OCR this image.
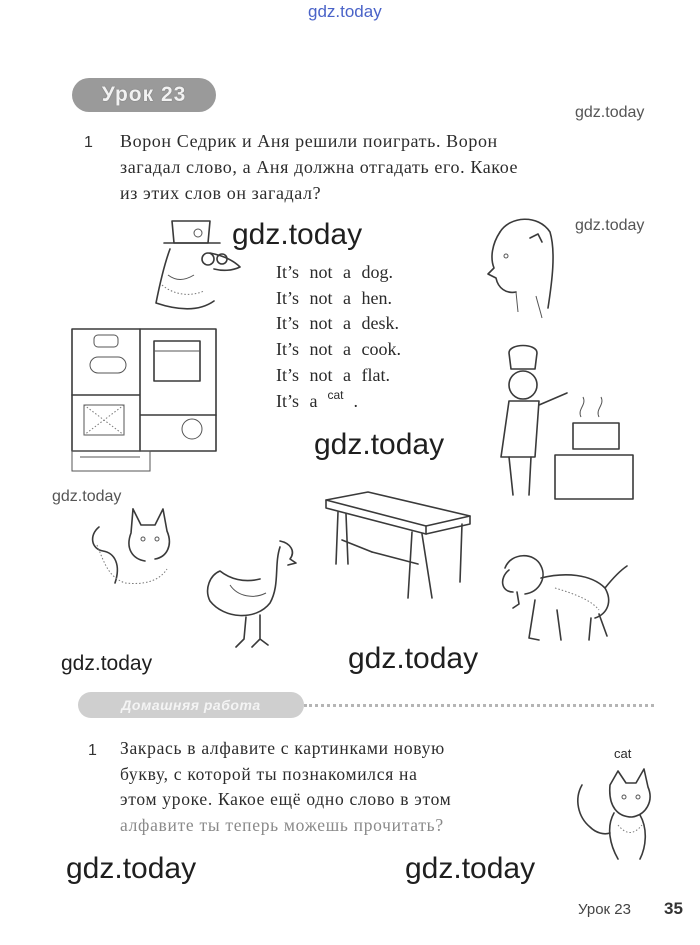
gdz.today
gdz.today
gdz.today
gdz.today
gdz.today
gdz.today
gdz.today	gdz.today
gdz.today	gdz.today
Урок 23
1 Ворон Седрик и Аня решили поиграть. Ворон
загадал слово, а Аня должна отгадать его. Какое
из этих слов он загадал?
It’s not a dog.
It’s not a hen.
It’s not a desk.
It’s not a cook.
It’s not a flat.
It’s a $^{cat}$ .
Домашняя работа
1 Закрась в алфавите с картинками новую
букву, с которой ты познакомился на
этом уроке. Какое ещё одно слово в этом
алфавите ты теперь можешь прочитать?
cat
Урок 23 35
